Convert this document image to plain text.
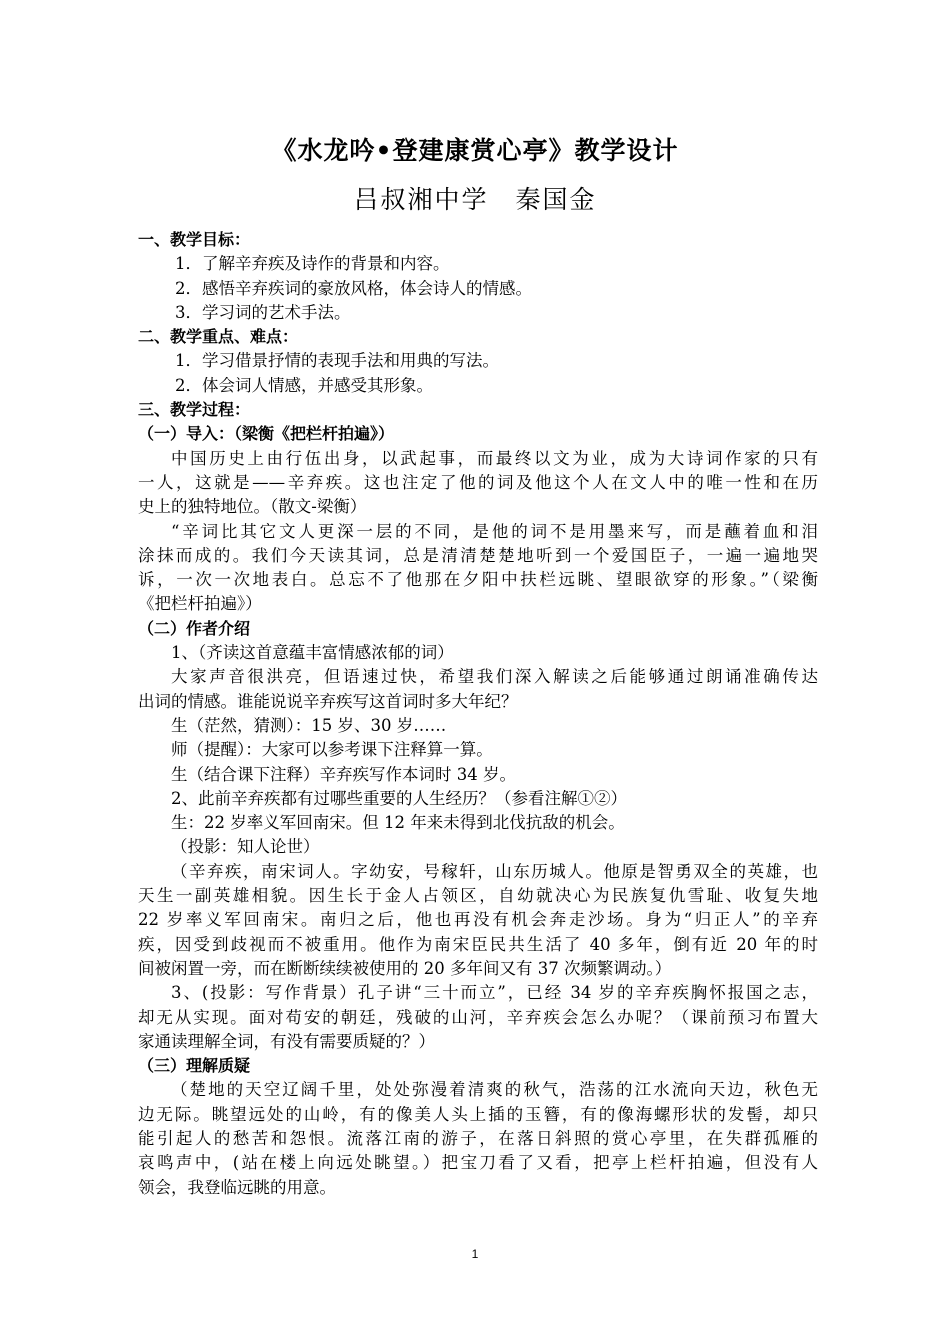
《水龙吟•登建康赏心亭》教学设计
吕叔湘中学　秦国金
一、教学目标：
1．了解辛弃疾及诗作的背景和内容。
2．感悟辛弃疾词的豪放风格，体会诗人的情感。
3．学习词的艺术手法。
二、教学重点、难点：
1．学习借景抒情的表现手法和用典的写法。
2．体会词人情感，并感受其形象。
三、教学过程：
（一）导入：（梁衡《把栏杆拍遍》）
中国历史上由行伍出身，以武起事，而最终以文为业，成为大诗词作家的只有
一人，这就是——辛弃疾。这也注定了他的词及他这个人在文人中的唯一性和在历
史上的独特地位。（散文-梁衡）
“辛词比其它文人更深一层的不同，是他的词不是用墨来写，而是蘸着血和泪
涂抹而成的。我们今天读其词，总是清清楚楚地听到一个爱国臣子，一遍一遍地哭
诉，一次一次地表白。总忘不了他那在夕阳中扶栏远眺、望眼欲穿的形象。”（梁衡
《把栏杆拍遍》）
（二）作者介绍
1、（齐读这首意蕴丰富情感浓郁的词）
大家声音很洪亮，但语速过快，希望我们深入解读之后能够通过朗诵准确传达
出词的情感。谁能说说辛弃疾写这首词时多大年纪？
生（茫然，猜测）：15 岁、30 岁……
师（提醒）：大家可以参考课下注释算一算。
生（结合课下注释）辛弃疾写作本词时 34 岁。
2、此前辛弃疾都有过哪些重要的人生经历？（参看注解①②）
生：22 岁率义军回南宋。但 12 年来未得到北伐抗敌的机会。
（投影：知人论世）
（辛弃疾，南宋词人。字幼安，号稼轩，山东历城人。他原是智勇双全的英雄，也
天生一副英雄相貌。因生长于金人占领区，自幼就决心为民族复仇雪耻、收复失地
22 岁率义军回南宋。南归之后，他也再没有机会奔走沙场。身为“归正人”的辛弃
疾，因受到歧视而不被重用。他作为南宋臣民共生活了 40 多年，倒有近 20 年的时
间被闲置一旁，而在断断续续被使用的 20 多年间又有 37 次频繁调动。）
3、(投影：写作背景）孔子讲“三十而立”，已经 34 岁的辛弃疾胸怀报国之志，
却无从实现。面对苟安的朝廷，残破的山河，辛弃疾会怎么办呢？（课前预习布置大
家通读理解全词，有没有需要质疑的？）
（三）理解质疑
（楚地的天空辽阔千里，处处弥漫着清爽的秋气，浩荡的江水流向天边，秋色无
边无际。眺望远处的山岭，有的像美人头上插的玉簪，有的像海螺形状的发髻，却只
能引起人的愁苦和怨恨。流落江南的游子，在落日斜照的赏心亭里，在失群孤雁的
哀鸣声中，(站在楼上向远处眺望。）把宝刀看了又看，把亭上栏杆拍遍，但没有人
领会，我登临远眺的用意。
1
